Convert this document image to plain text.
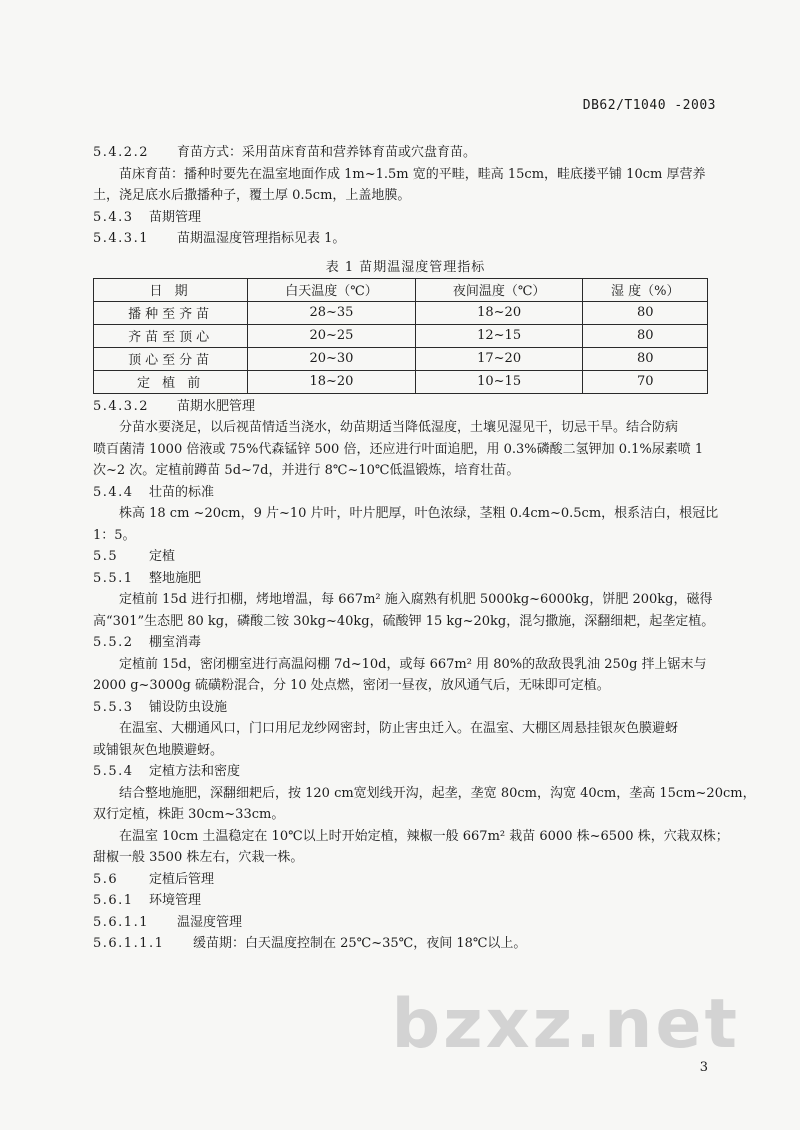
DB62/T1040 -2003
5.4.2.2 育苗方式：采用苗床育苗和营养钵育苗或穴盘育苗。
苗床育苗：播种时要先在温室地面作成 1m~1.5m 宽的平畦，畦高 15cm，畦底搂平铺 10cm 厚营养
土，浇足底水后撒播种子，覆土厚 0.5cm，上盖地膜。
5.4.3 苗期管理
5.4.3.1 苗期温湿度管理指标见表 1。
表 1 苗期温湿度管理指标
日 期	白天温度（℃）	夜间温度（℃）	湿 度（%）
播种至齐苗	28~35	18~20	80
齐苗至顶心	20~25	12~15	80
顶心至分苗	20~30	17~20	80
定 植 前	18~20	10~15	70
5.4.3.2 苗期水肥管理
分苗水要浇足，以后视苗情适当浇水，幼苗期适当降低湿度，土壤见湿见干，切忌干旱。结合防病
喷百菌清 1000 倍液或 75%代森锰锌 500 倍，还应进行叶面追肥，用 0.3%磷酸二氢钾加 0.1%尿素喷 1
次~2 次。定植前蹲苗 5d~7d，并进行 8℃~10℃低温锻炼，培育壮苗。
5.4.4 壮苗的标准
株高 18 cm ~20cm，9 片~10 片叶，叶片肥厚，叶色浓绿，茎粗 0.4cm~0.5cm，根系洁白，根冠比
1：5。
5.5 定植
5.5.1 整地施肥
定植前 15d 进行扣棚，烤地增温，每 667m² 施入腐熟有机肥 5000kg~6000kg，饼肥 200kg，磁得
高“301”生态肥 80 kg，磷酸二铵 30kg~40kg，硫酸钾 15 kg~20kg，混匀撒施，深翻细耙，起垄定植。
5.5.2 棚室消毒
定植前 15d，密闭棚室进行高温闷棚 7d~10d，或每 667m² 用 80%的敌敌畏乳油 250g 拌上锯末与
2000 g~3000g 硫磺粉混合，分 10 处点燃，密闭一昼夜，放风通气后，无味即可定植。
5.5.3 铺设防虫设施
在温室、大棚通风口，门口用尼龙纱网密封，防止害虫迁入。在温室、大棚区周悬挂银灰色膜避蚜
或铺银灰色地膜避蚜。
5.5.4 定植方法和密度
结合整地施肥，深翻细耙后，按 120 cm宽划线开沟，起垄，垄宽 80cm，沟宽 40cm，垄高 15cm~20cm，
双行定植，株距 30cm~33cm。
在温室 10cm 土温稳定在 10℃以上时开始定植，辣椒一般 667m² 栽苗 6000 株~6500 株，穴栽双株；
甜椒一般 3500 株左右，穴栽一株。
5.6 定植后管理
5.6.1 环境管理
5.6.1.1 温湿度管理
5.6.1.1.1 缓苗期：白天温度控制在 25℃~35℃，夜间 18℃以上。
bzxz.net
3
